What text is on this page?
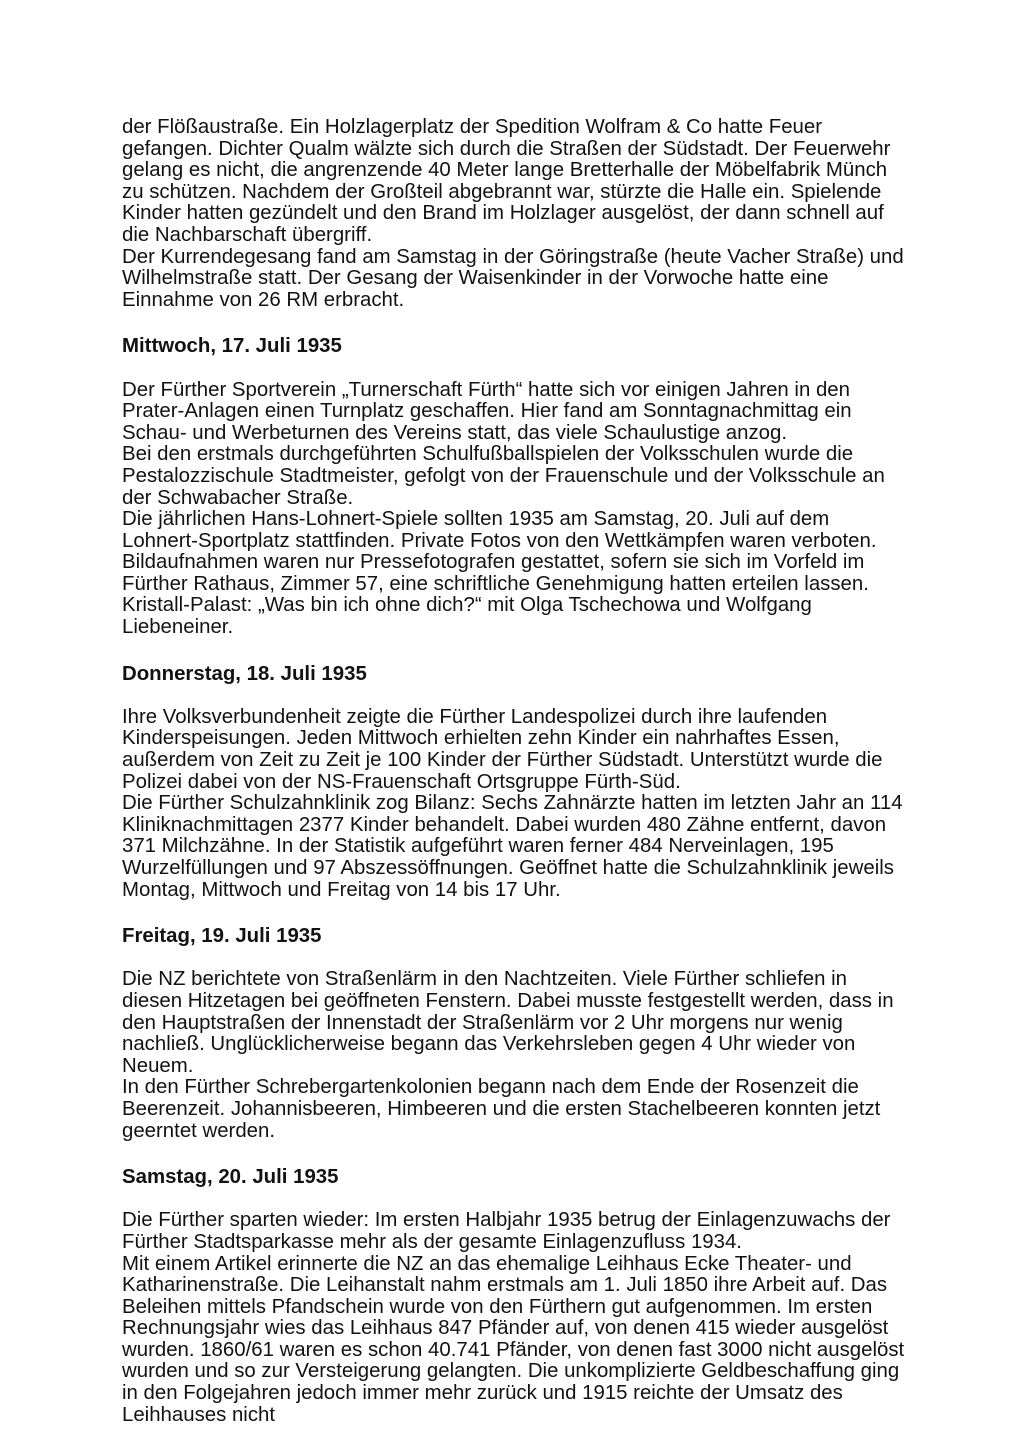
der Flößaustraße. Ein Holzlagerplatz der Spedition Wolfram & Co hatte Feuer gefangen. Dichter Qualm wälzte sich durch die Straßen der Südstadt. Der Feuerwehr gelang es nicht, die angrenzende 40 Meter lange Bretterhalle der Möbelfabrik Münch zu schützen. Nachdem der Großteil abgebrannt war, stürzte die Halle ein. Spielende Kinder hatten gezündelt und den Brand im Holzlager ausgelöst, der dann schnell auf die Nachbarschaft übergriff.

Der Kurrendegesang fand am Samstag in der Göringstraße (heute Vacher Straße) und Wilhelmstraße statt. Der Gesang der Waisenkinder in der Vorwoche hatte eine Einnahme von 26 RM erbracht.

Mittwoch, 17. Juli 1935

Der Fürther Sportverein „Turnerschaft Fürth“ hatte sich vor einigen Jahren in den Prater-Anlagen einen Turnplatz geschaffen. Hier fand am Sonntagnachmittag ein Schau- und Werbeturnen des Vereins statt, das viele Schaulustige anzog.

Bei den erstmals durchgeführten Schulfußballspielen der Volksschulen wurde die Pestalozzischule Stadtmeister, gefolgt von der Frauenschule und der Volksschule an der Schwabacher Straße.

Die jährlichen Hans-Lohnert-Spiele sollten 1935 am Samstag, 20. Juli auf dem Lohnert-Sportplatz stattfinden. Private Fotos von den Wettkämpfen waren verboten. Bildaufnahmen waren nur Pressefotografen gestattet, sofern sie sich im Vorfeld im Fürther Rathaus, Zimmer 57, eine schriftliche Genehmigung hatten erteilen lassen.

Kristall-Palast: „Was bin ich ohne dich?“ mit Olga Tschechowa und Wolfgang Liebeneiner.

Donnerstag, 18. Juli 1935

Ihre Volksverbundenheit zeigte die Fürther Landespolizei durch ihre laufenden Kinderspeisungen. Jeden Mittwoch erhielten zehn Kinder ein nahrhaftes Essen, außerdem von Zeit zu Zeit je 100 Kinder der Fürther Südstadt. Unterstützt wurde die Polizei dabei von der NS-Frauenschaft Ortsgruppe Fürth-Süd.

Die Fürther Schulzahnklinik zog Bilanz: Sechs Zahnärzte hatten im letzten Jahr an 114 Kliniknachmittagen 2377 Kinder behandelt. Dabei wurden 480 Zähne entfernt, davon 371 Milchzähne. In der Statistik aufgeführt waren ferner 484 Nerveinlagen, 195 Wurzelfüllungen und 97 Abszessöffnungen. Geöffnet hatte die Schulzahnklinik jeweils Montag, Mittwoch und Freitag von 14 bis 17 Uhr.

Freitag, 19. Juli 1935

Die NZ berichtete von Straßenlärm in den Nachtzeiten. Viele Fürther schliefen in diesen Hitzetagen bei geöffneten Fenstern. Dabei musste festgestellt werden, dass in den Hauptstraßen der Innenstadt der Straßenlärm vor 2 Uhr morgens nur wenig nachließ. Unglücklicherweise begann das Verkehrsleben gegen 4 Uhr wieder von Neuem.

In den Fürther Schrebergartenkolonien begann nach dem Ende der Rosenzeit die Beerenzeit. Johannisbeeren, Himbeeren und die ersten Stachelbeeren konnten jetzt geerntet werden.

Samstag, 20. Juli 1935

Die Fürther sparten wieder: Im ersten Halbjahr 1935 betrug der Einlagenzuwachs der Fürther Stadtsparkasse mehr als der gesamte Einlagenzufluss 1934.

Mit einem Artikel erinnerte die NZ an das ehemalige Leihhaus Ecke Theater- und Katharinenstraße. Die Leihanstalt nahm erstmals am 1. Juli 1850 ihre Arbeit auf. Das Beleihen mittels Pfandschein wurde von den Fürthern gut aufgenommen. Im ersten Rechnungsjahr wies das Leihhaus 847 Pfänder auf, von denen 415 wieder ausgelöst wurden. 1860/61 waren es schon 40.741 Pfänder, von denen fast 3000 nicht ausgelöst wurden und so zur Versteigerung gelangten. Die unkomplizierte Geldbeschaffung ging in den Folgejahren jedoch immer mehr zurück und 1915 reichte der Umsatz des Leihhauses nicht
